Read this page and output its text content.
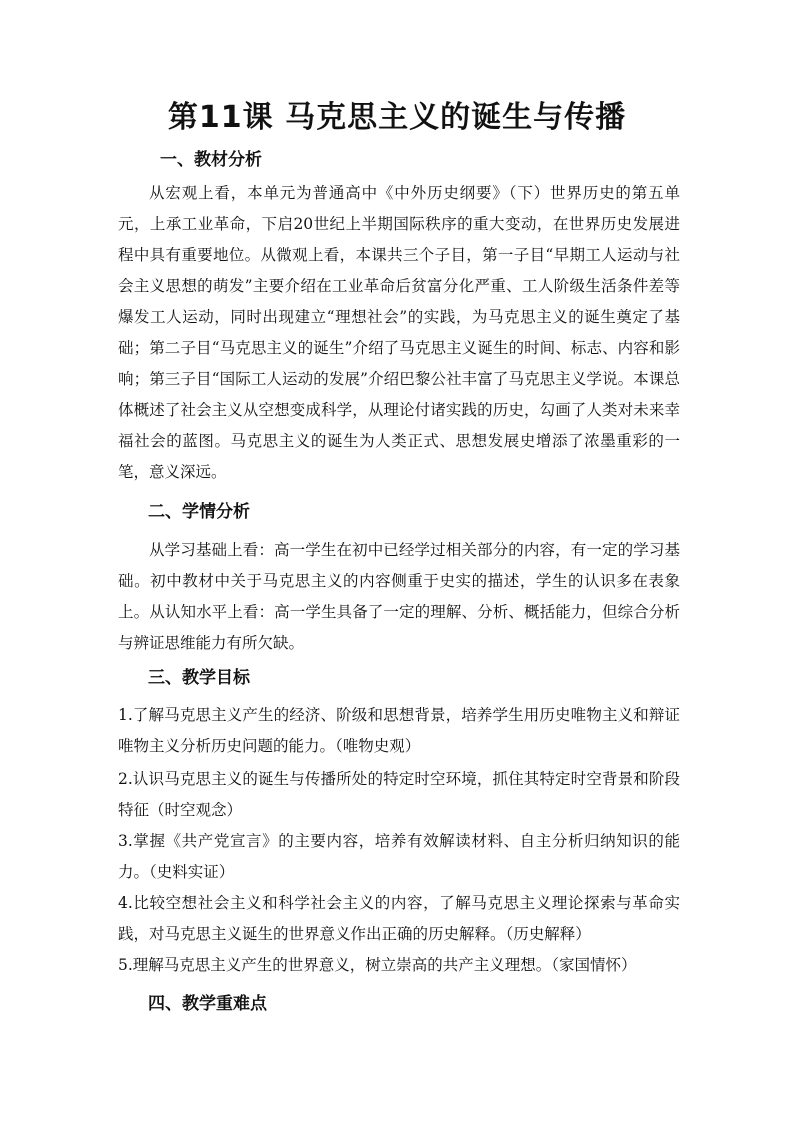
第11课 马克思主义的诞生与传播
一、教材分析

从宏观上看，本单元为普通高中《中外历史纲要》（下）世界历史的第五单元，上承工业革命，下启20世纪上半期国际秩序的重大变动，在世界历史发展进程中具有重要地位。从微观上看，本课共三个子目，第一子目“早期工人运动与社会主义思想的萌发”主要介绍在工业革命后贫富分化严重、工人阶级生活条件差等爆发工人运动，同时出现建立“理想社会”的实践，为马克思主义的诞生奠定了基础；第二子目“马克思主义的诞生”介绍了马克思主义诞生的时间、标志、内容和影响；第三子目“国际工人运动的发展”介绍巴黎公社丰富了马克思主义学说。本课总体概述了社会主义从空想变成科学，从理论付诸实践的历史，勾画了人类对未来幸福社会的蓝图。马克思主义的诞生为人类正式、思想发展史增添了浓墨重彩的一笔，意义深远。

二、学情分析

从学习基础上看：高一学生在初中已经学过相关部分的内容，有一定的学习基础。初中教材中关于马克思主义的内容侧重于史实的描述，学生的认识多在表象上。从认知水平上看：高一学生具备了一定的理解、分析、概括能力，但综合分析与辨证思维能力有所欠缺。

三、教学目标

1.了解马克思主义产生的经济、阶级和思想背景，培养学生用历史唯物主义和辩证唯物主义分析历史问题的能力。（唯物史观）

2.认识马克思主义的诞生与传播所处的特定时空环境，抓住其特定时空背景和阶段特征（时空观念）

3.掌握《共产党宣言》的主要内容，培养有效解读材料、自主分析归纳知识的能力。（史料实证）

4.比较空想社会主义和科学社会主义的内容，了解马克思主义理论探索与革命实践，对马克思主义诞生的世界意义作出正确的历史解释。（历史解释）

5.理解马克思主义产生的世界意义，树立崇高的共产主义理想。（家国情怀）

四、教学重难点
